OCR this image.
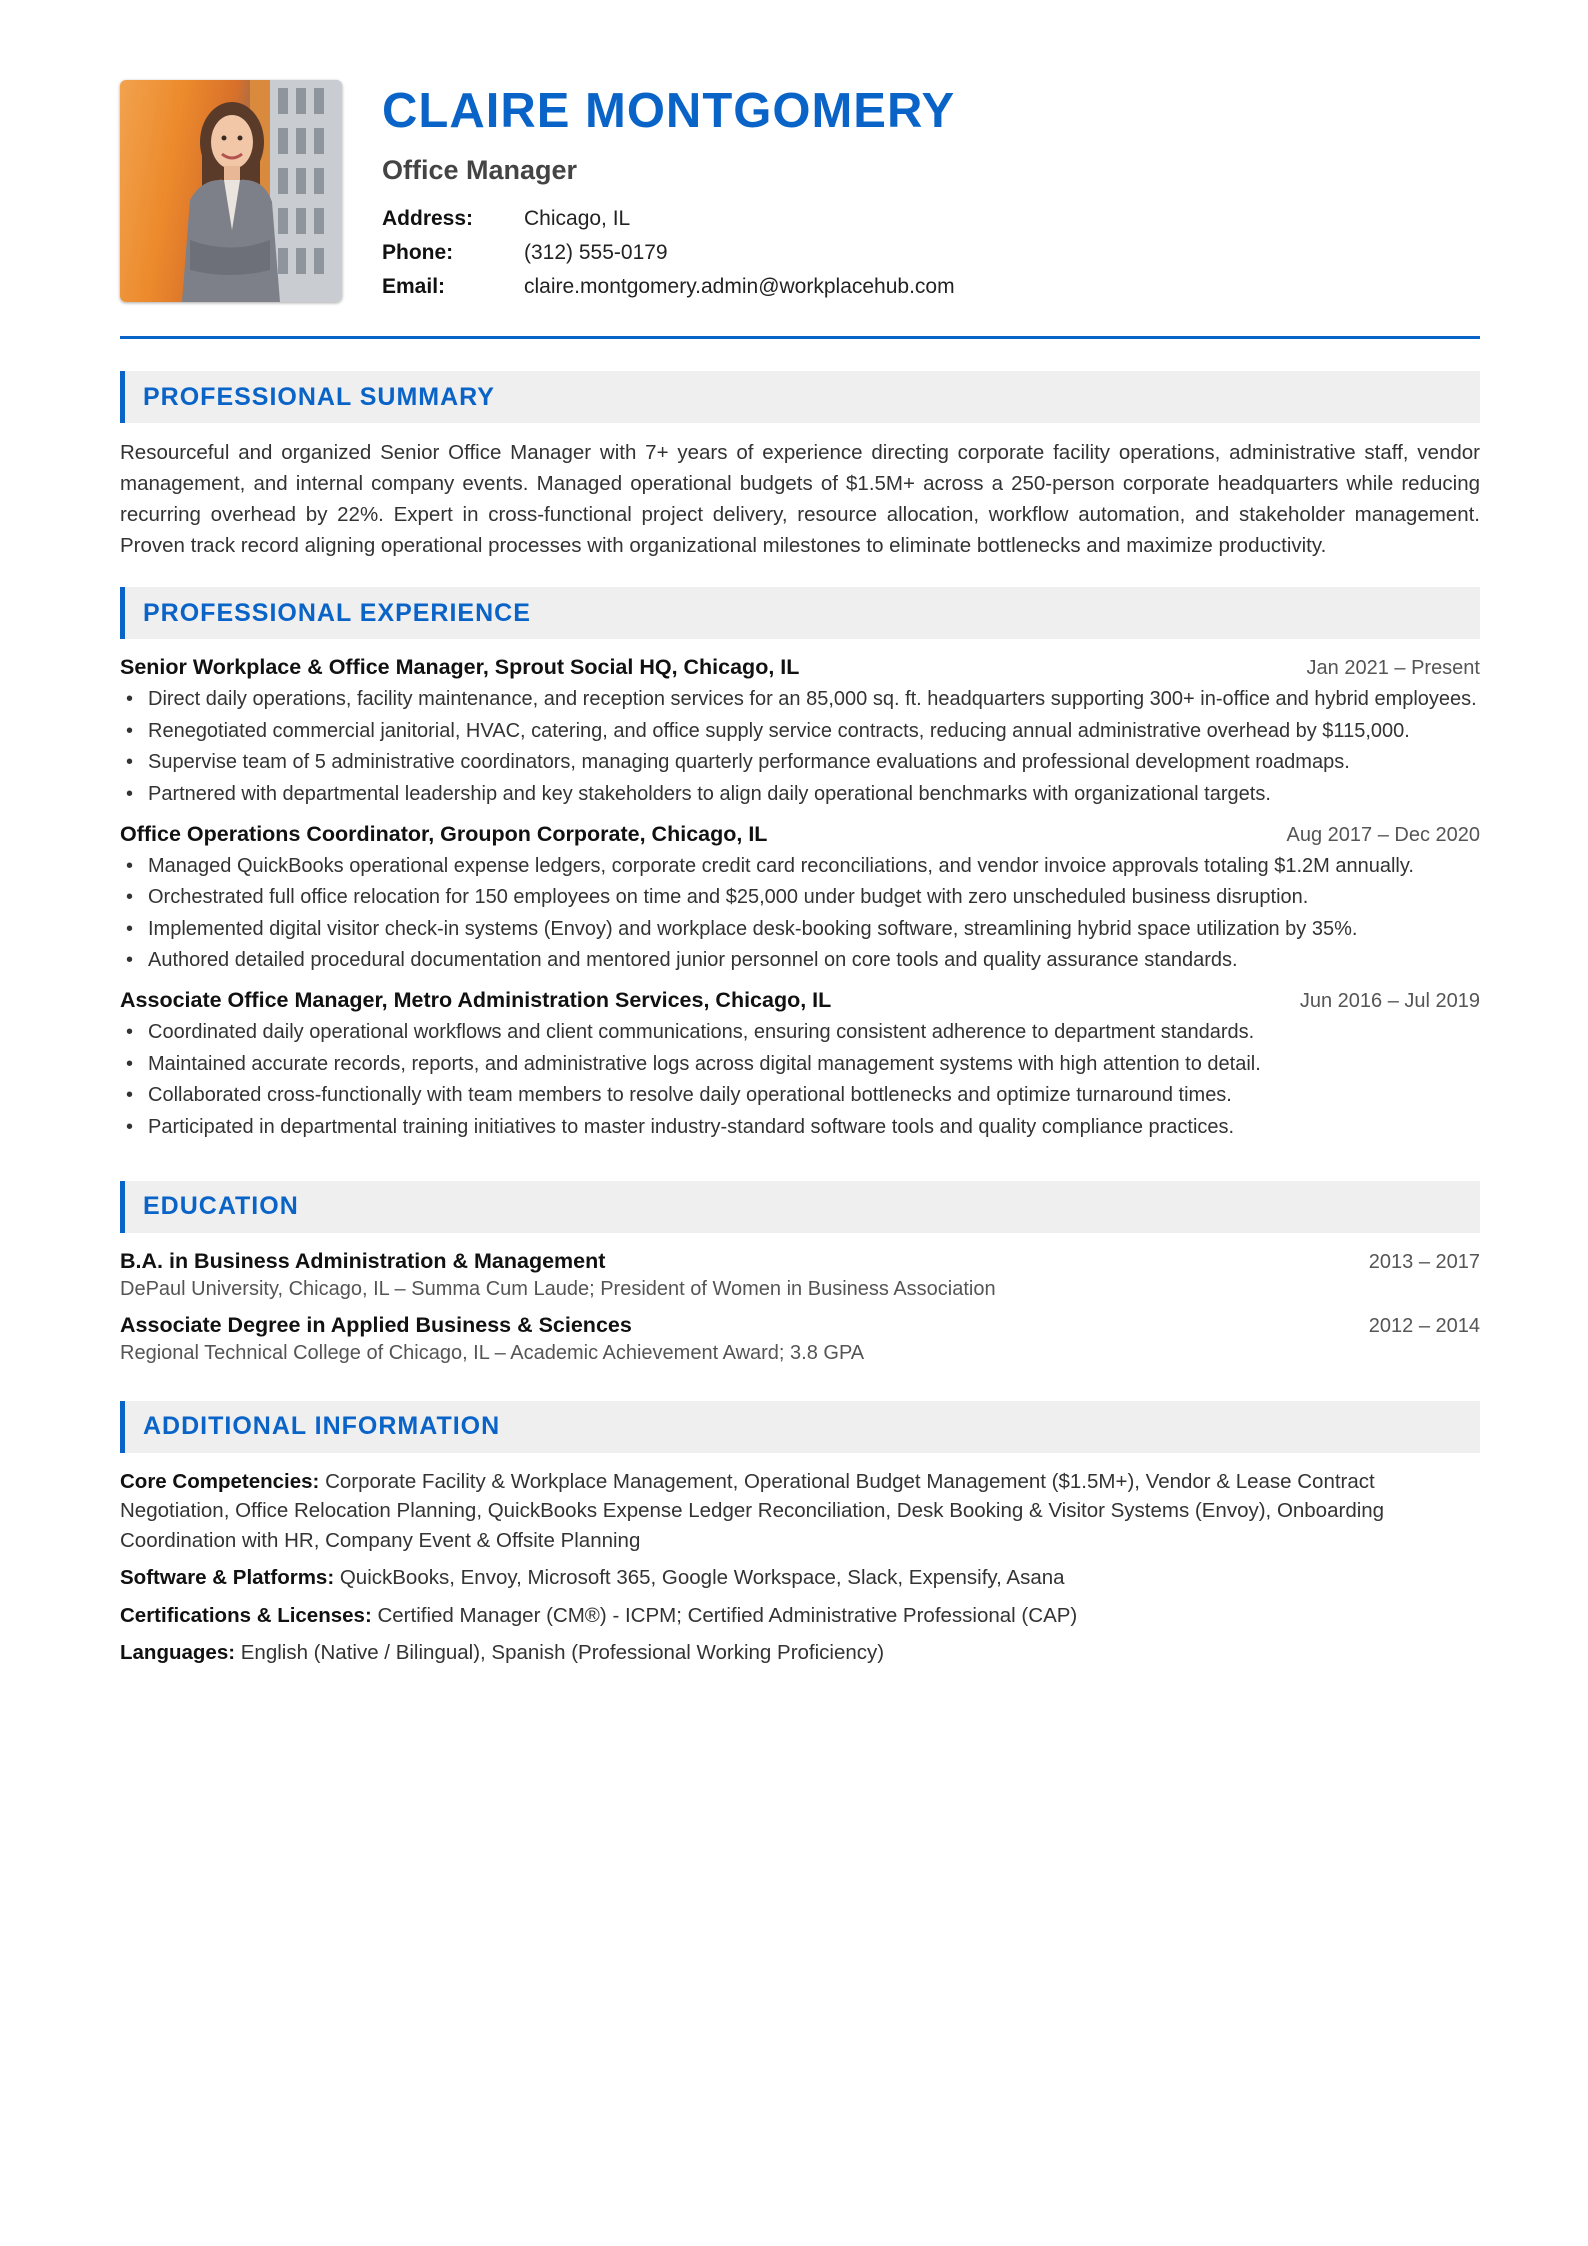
CLAIRE MONTGOMERY
Office Manager
Address:	Chicago, IL
Phone:	(312) 555-0179
Email:	claire.montgomery.admin@workplacehub.com
PROFESSIONAL SUMMARY

Resourceful and organized Senior Office Manager with 7+ years of experience directing corporate facility operations, administrative staff, vendor management, and internal company events. Managed operational budgets of $1.5M+ across a 250-person corporate headquarters while reducing recurring overhead by 22%. Expert in cross-functional project delivery, resource allocation, workflow automation, and stakeholder management. Proven track record aligning operational processes with organizational milestones to eliminate bottlenecks and maximize productivity.

PROFESSIONAL EXPERIENCE
Senior Workplace & Office Manager, Sprout Social HQ, Chicago, IL	Jan 2021 – Present
• Direct daily operations, facility maintenance, and reception services for an 85,000 sq. ft. headquarters supporting 300+ in-office and hybrid employees.
• Renegotiated commercial janitorial, HVAC, catering, and office supply service contracts, reducing annual administrative overhead by $115,000.
• Supervise team of 5 administrative coordinators, managing quarterly performance evaluations and professional development roadmaps.
• Partnered with departmental leadership and key stakeholders to align daily operational benchmarks with organizational targets.
Office Operations Coordinator, Groupon Corporate, Chicago, IL	Aug 2017 – Dec 2020
• Managed QuickBooks operational expense ledgers, corporate credit card reconciliations, and vendor invoice approvals totaling $1.2M annually.
• Orchestrated full office relocation for 150 employees on time and $25,000 under budget with zero unscheduled business disruption.
• Implemented digital visitor check-in systems (Envoy) and workplace desk-booking software, streamlining hybrid space utilization by 35%.
• Authored detailed procedural documentation and mentored junior personnel on core tools and quality assurance standards.
Associate Office Manager, Metro Administration Services, Chicago, IL	Jun 2016 – Jul 2019
• Coordinated daily operational workflows and client communications, ensuring consistent adherence to department standards.
• Maintained accurate records, reports, and administrative logs across digital management systems with high attention to detail.
• Collaborated cross-functionally with team members to resolve daily operational bottlenecks and optimize turnaround times.
• Participated in departmental training initiatives to master industry-standard software tools and quality compliance practices.
EDUCATION
B.A. in Business Administration & Management	2013 – 2017
DePaul University, Chicago, IL – Summa Cum Laude; President of Women in Business Association
Associate Degree in Applied Business & Sciences	2012 – 2014
Regional Technical College of Chicago, IL – Academic Achievement Award; 3.8 GPA
ADDITIONAL INFORMATION
Core Competencies: Corporate Facility & Workplace Management, Operational Budget Management ($1.5M+), Vendor & Lease Contract Negotiation, Office Relocation Planning, QuickBooks Expense Ledger Reconciliation, Desk Booking & Visitor Systems (Envoy), Onboarding Coordination with HR, Company Event & Offsite Planning
Software & Platforms: QuickBooks, Envoy, Microsoft 365, Google Workspace, Slack, Expensify, Asana
Certifications & Licenses: Certified Manager (CM®) - ICPM; Certified Administrative Professional (CAP)
Languages: English (Native / Bilingual), Spanish (Professional Working Proficiency)
